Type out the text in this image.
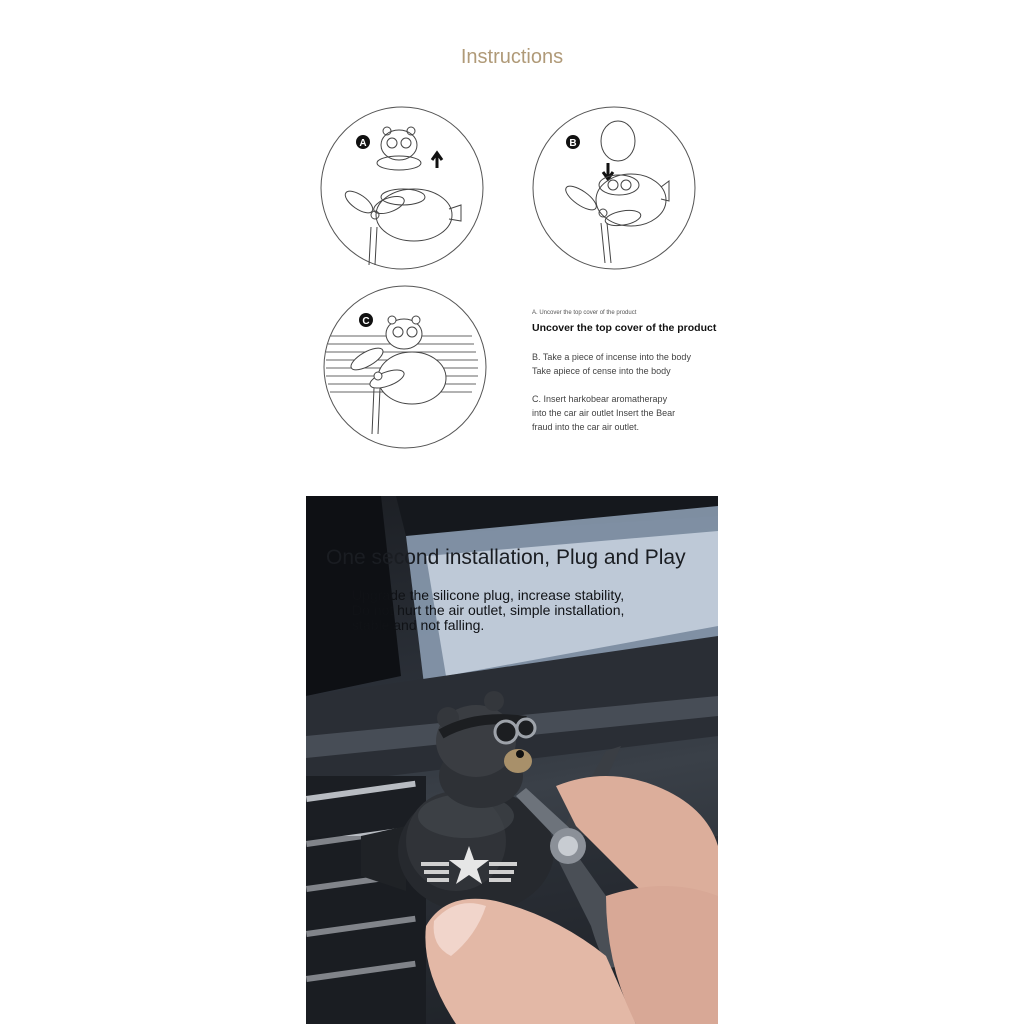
Instructions
A	B
C
A. Uncover the top cover of the product
Uncover the top cover of the product
B. Take a piece of incense into the body
Take apiece of cense into the body
C. Insert harkobear aromatherapy
into the car air outlet Insert the Bear
fraud into the car air outlet.
One second installation, Plug and Play
Upgrade the silicone plug, increase stability,
Do not hurt the air outlet, simple installation,
stable and not falling.
